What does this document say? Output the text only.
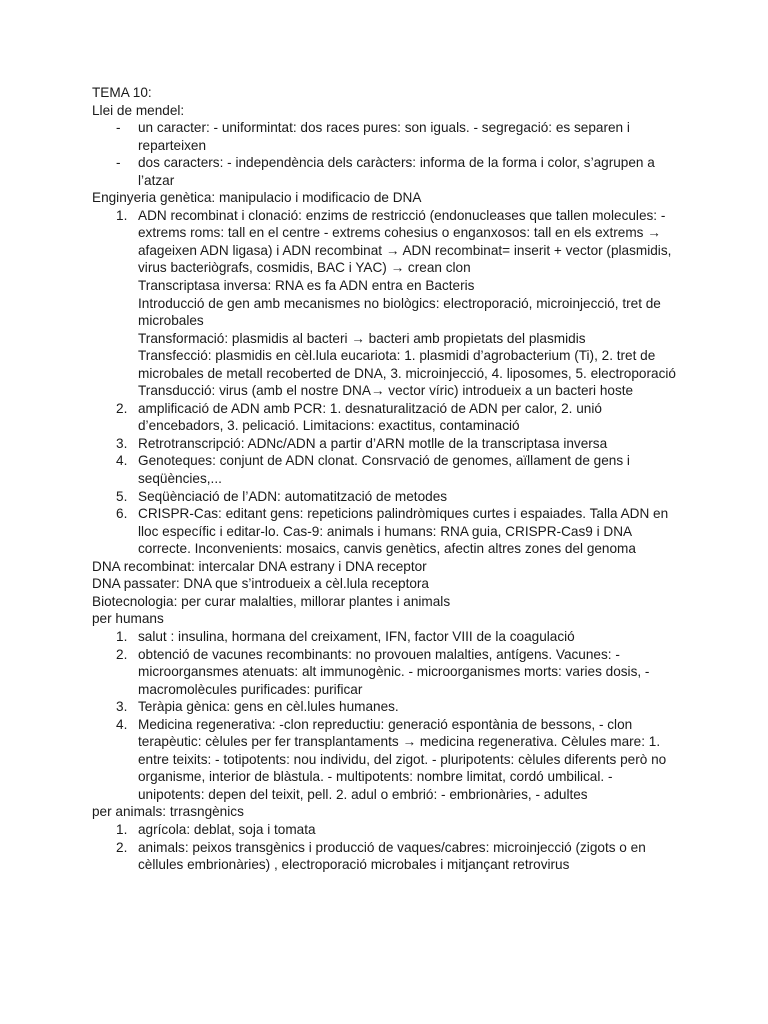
TEMA 10:

Llei de mendel:

- un caracter: - uniformintat: dos races pures: son iguals. - segregació: es separen i reparteixen
- dos caracters: - independència dels caràcters: informa de la forma i color, s’agrupen a l’atzar

Enginyeria genètica: manipulacio i modificacio de DNA

ADN recombinat i clonació: enzims de restricció (endonucleases que tallen molecules: - extrems roms: tall en el centre - extrems cohesius o enganxosos: tall en els extrems → afageixen ADN ligasa) i ADN recombinat → ADN recombinat= inserit + vector (plasmidis, virus bacteriògrafs, cosmidis, BAC i YAC) → crean clon
Transcriptasa inversa: RNA es fa ADN entra en Bacteris
Introducció de gen amb mecanismes no biològics: electroporació, microinjecció, tret de microbales
Transformació: plasmidis al bacteri → bacteri amb propietats del plasmidis
Transfecció: plasmidis en cèl.lula eucariota: 1. plasmidi d’agrobacterium (Ti), 2. tret de microbales de metall recoberted de DNA, 3. microinjecció, 4. liposomes, 5. electroporació
Transducció: virus (amb el nostre DNA→ vector víric) introdueix a un bacteri hoste
amplificació de ADN amb PCR: 1. desnaturalització de ADN per calor, 2. unió d’encebadors, 3. pelicació. Limitacions: exactitus, contaminació
Retrotranscripció: ADNc/ADN a partir d’ARN motlle de la transcriptasa inversa
Genoteques: conjunt de ADN clonat. Consrvació de genomes, aïllament de gens i seqüències,...
Seqüènciació de l’ADN: automatització de metodes
CRISPR-Cas: editant gens: repeticions palindròmiques curtes i espaiades. Talla ADN en lloc específic i editar-lo. Cas-9: animals i humans: RNA guia, CRISPR-Cas9 i DNA correcte. Inconvenients: mosaics, canvis genètics, afectin altres zones del genoma

DNA recombinat: intercalar DNA estrany i DNA receptor

DNA passater: DNA que s’introdueix a cèl.lula receptora

Biotecnologia: per curar malalties, millorar plantes i animals

per humans

salut : insulina, hormana del creixament, IFN, factor VIII de la coagulació
obtenció de vacunes recombinants: no provouen malalties, antígens. Vacunes: - microorgansmes atenuats: alt immunogènic. - microorganismes morts: varies dosis, - macromolècules purificades: purificar
Teràpia gènica: gens en cèl.lules humanes.
Medicina regenerativa: -clon repreductiu: generació espontània de bessons, - clon terapèutic: cèlules per fer transplantaments → medicina regenerativa. Cèlules mare: 1. entre teixits: - totipotents: nou individu, del zigot. - pluripotents: cèlules diferents però no organisme, interior de blàstula. - multipotents: nombre limitat, cordó umbilical. - unipotents: depen del teixit, pell. 2. adul o embrió: - embrionàries, - adultes

per animals: trrasngènics

agrícola: deblat, soja i tomata
animals: peixos transgènics i producció de vaques/cabres: microinjecció (zigots o en cèllules embrionàries) , electroporació microbales i mitjançant retrovirus
